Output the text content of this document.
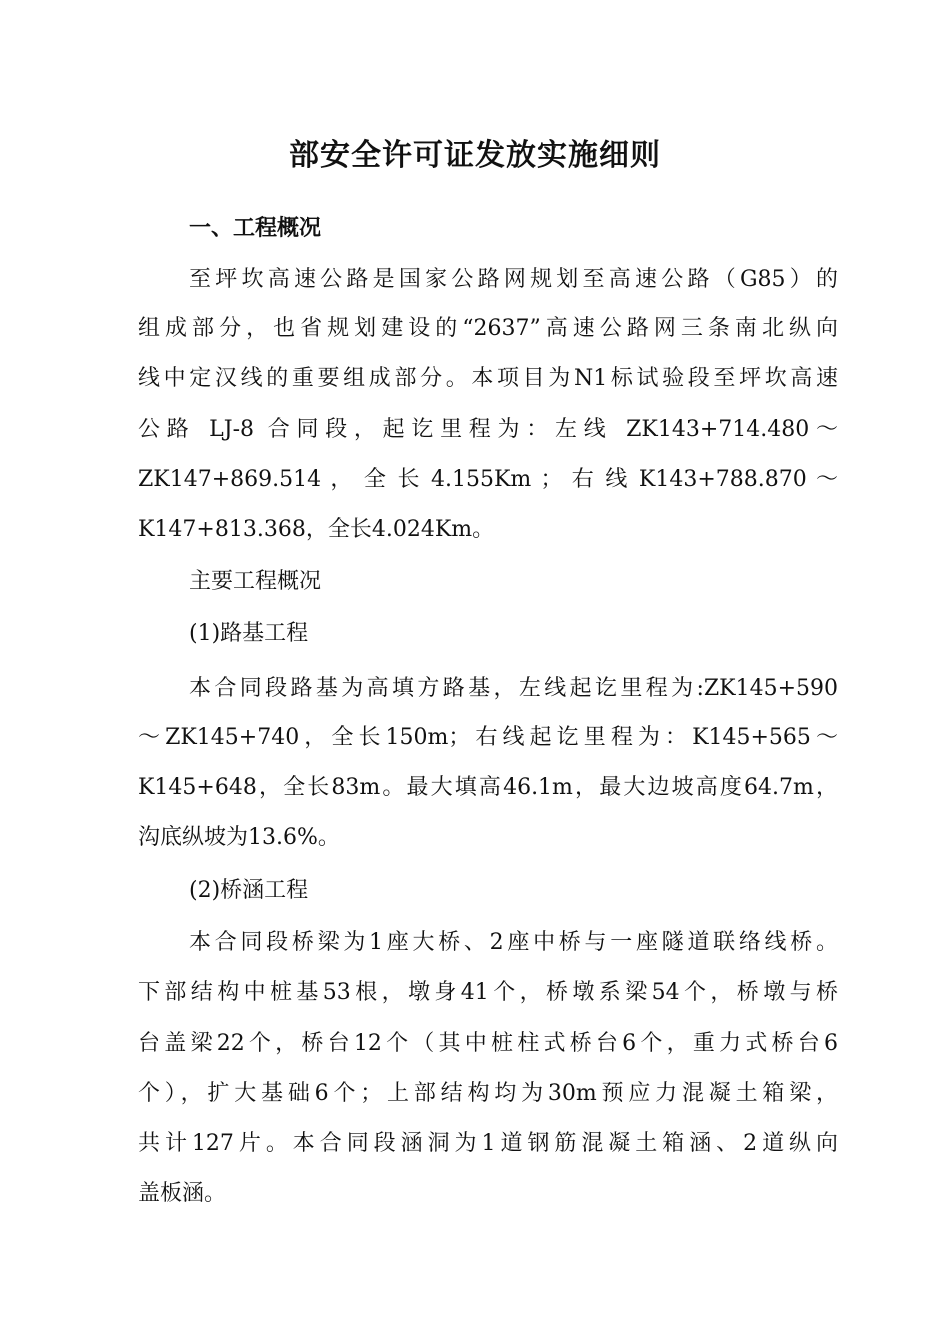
部安全许可证发放实施细则
一、工程概况
至坪坎高速公路是国家公路网规划至高速公路（G85）的
组成部分，也省规划建设的“2637”高速公路网三条南北纵向
线中定汉线的重要组成部分。本项目为N1标试验段至坪坎高速
公路 LJ-8 合同段，起讫里程为：左线 ZK143+714.480～
ZK147+869.514 ， 全 长 4.155Km ； 右 线 K143+788.870 ～
K147+813.368，全长4.024Km。
主要工程概况
(1)路基工程
本合同段路基为高填方路基，左线起讫里程为:ZK145+590
～ZK145+740，全长150m；右线起讫里程为：K145+565～
K145+648，全长83m。最大填高46.1m，最大边坡高度64.7m，
沟底纵坡为13.6%。
(2)桥涵工程
本合同段桥梁为1座大桥、2座中桥与一座隧道联络线桥。
下部结构中桩基53根，墩身41个，桥墩系梁54个，桥墩与桥
台盖梁22个，桥台12个（其中桩柱式桥台6个，重力式桥台6
个），扩大基础6个；上部结构均为30m预应力混凝土箱梁，
共计127片。本合同段涵洞为1道钢筋混凝土箱涵、2道纵向
盖板涵。
